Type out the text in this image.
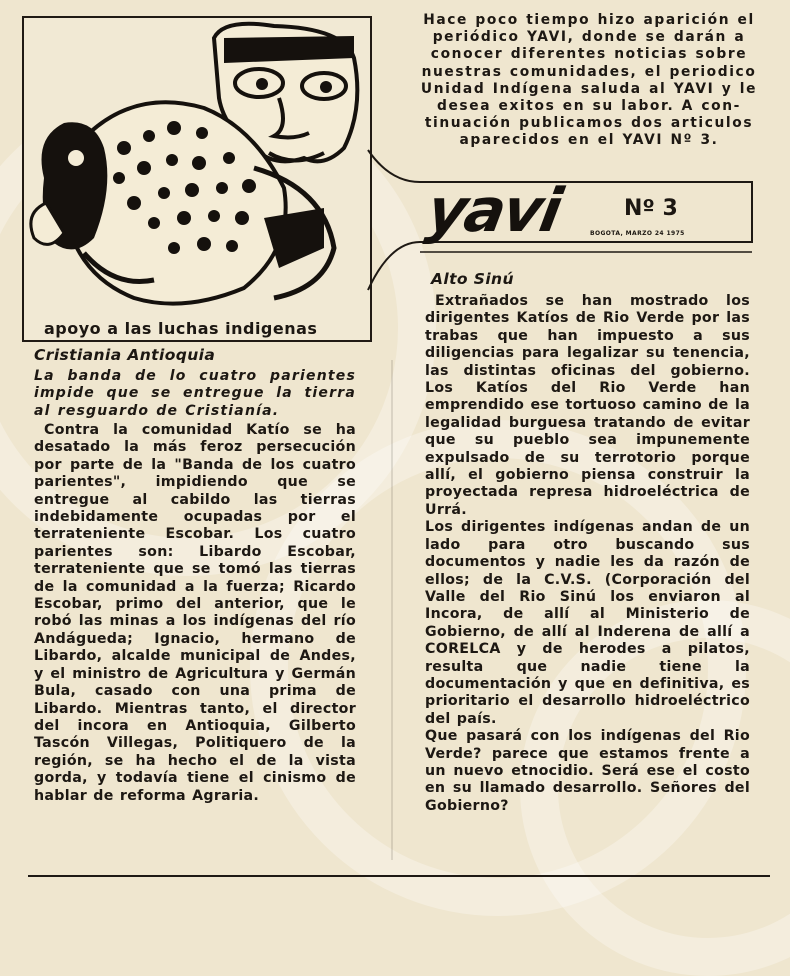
apoyo a las luchas indigenas

Hace poco tiempo hizo aparición el
periódico YAVI, donde se darán a
conocer diferentes noticias sobre
nuestras comunidades, el periodico
Unidad Indígena saluda al YAVI y le
desea exitos en su labor. A con-
tinuación publicamos dos articulos
aparecidos en el YAVI Nº 3.

yavi	Nº 3
BOGOTA, MARZO 24 1975
Cristiania Antioquia

La banda de lo cuatro parientes impide que se entregue la tierra al resguardo de Cristianía.

Contra la comunidad Katío se ha desatado la más feroz persecución por parte de la "Banda de los cuatro parientes", impidiendo que se entregue al cabildo las tierras indebidamente ocupadas por el terrateniente Escobar. Los cuatro parientes son: Libardo Escobar, terrateniente que se tomó las tierras de la comunidad a la fuerza; Ricardo Escobar, primo del anterior, que le robó las minas a los indígenas del río Andágueda; Ignacio, hermano de Libardo, alcalde municipal de Andes, y el ministro de Agricultura y Germán Bula, casado con una prima de Libardo. Mientras tanto, el director del incora en Antioquia, Gilberto Tascón Villegas, Politiquero de la región, se ha hecho el de la vista gorda, y todavía tiene el cinismo de hablar de reforma Agraria.

Alto Sinú

Extrañados se han mostrado los dirigentes Katíos de Rio Verde por las trabas que han impuesto a sus diligencias para legalizar su tenencia, las distintas oficinas del gobierno. Los Katíos del Rio Verde han emprendido ese tortuoso camino de la legalidad burguesa tratando de evitar que su pueblo sea impunemente expulsado de su terrotorio porque allí, el gobierno piensa construir la proyectada represa hidroeléctrica de Urrá.

Los dirigentes indígenas andan de un lado para otro buscando sus documentos y nadie les da razón de ellos; de la C.V.S. (Corporación del Valle del Rio Sinú los enviaron al Incora, de allí al Ministerio de Gobierno, de allí al Inderena de allí a CORELCA y de herodes a pilatos, resulta que nadie tiene la documentación y que en definitiva, es prioritario el desarrollo hidroeléctrico del país.

Que pasará con los indígenas del Rio Verde? parece que estamos frente a un nuevo etnocidio. Será ese el costo en su llamado desarrollo. Señores del Gobierno?
